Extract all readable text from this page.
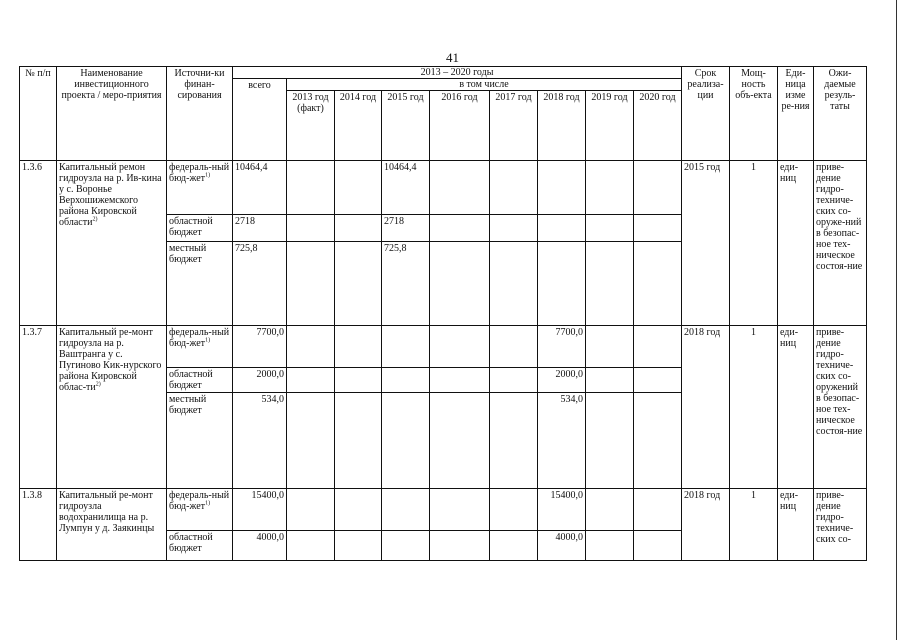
41
№ п/п	Наименование инвестиционного проекта / меро-приятия	Источни-ки финан-сирования	2013 – 2020 годы									Срок реализа-ции	Мощ-ность объ-екта	Еди-ница изме ре-ния	Ожи-даемые резуль-таты
			всего	в том числе											
				2013 год (факт)	2014 год	2015 год	2016 год	2017 год	2018 год	2019 год	2020 год				
1.3.6	Капитальный ремон гидроузла на р. Ив-кина у с. Воронье Верхошижемского района Кировской области$^{2)}$	федераль-ный бюд-жет$^{1)}$	10464,4			10464,4						2015 год	1	еди-ниц	приве-дение гидро-техниче-ских со-оруже-ний в безопас-ное тех-ническое состоя-ние
		областной бюджет	2718			2718									
		местный бюджет	725,8			725,8									
1.3.7	Капитальный ре-монт гидроузла на р. Ваштранга у с. Пугиново Кик-нурского района Кировской облас-$ти^{2)}$	федераль-ный бюд-жет$^{1)}$	7700,0						7700,0			2018 год	1	еди-ниц	приве-дение гидро-техниче-ских со-оружений в безопас-ное тех-ническое состоя-ние
		областной бюджет	2000,0						2000,0						
		местный бюджет	534,0						534,0						
1.3.8	Капитальный ре-монт гидроузла водохранилища на р. Лумпун у д. Заякинцы	федераль-ный бюд-жет$^{1)}$	15400,0						15400,0			2018 год	1	еди-ниц	приве-дение гидро-техниче-ских со-
		областной бюджет	4000,0						4000,0						
